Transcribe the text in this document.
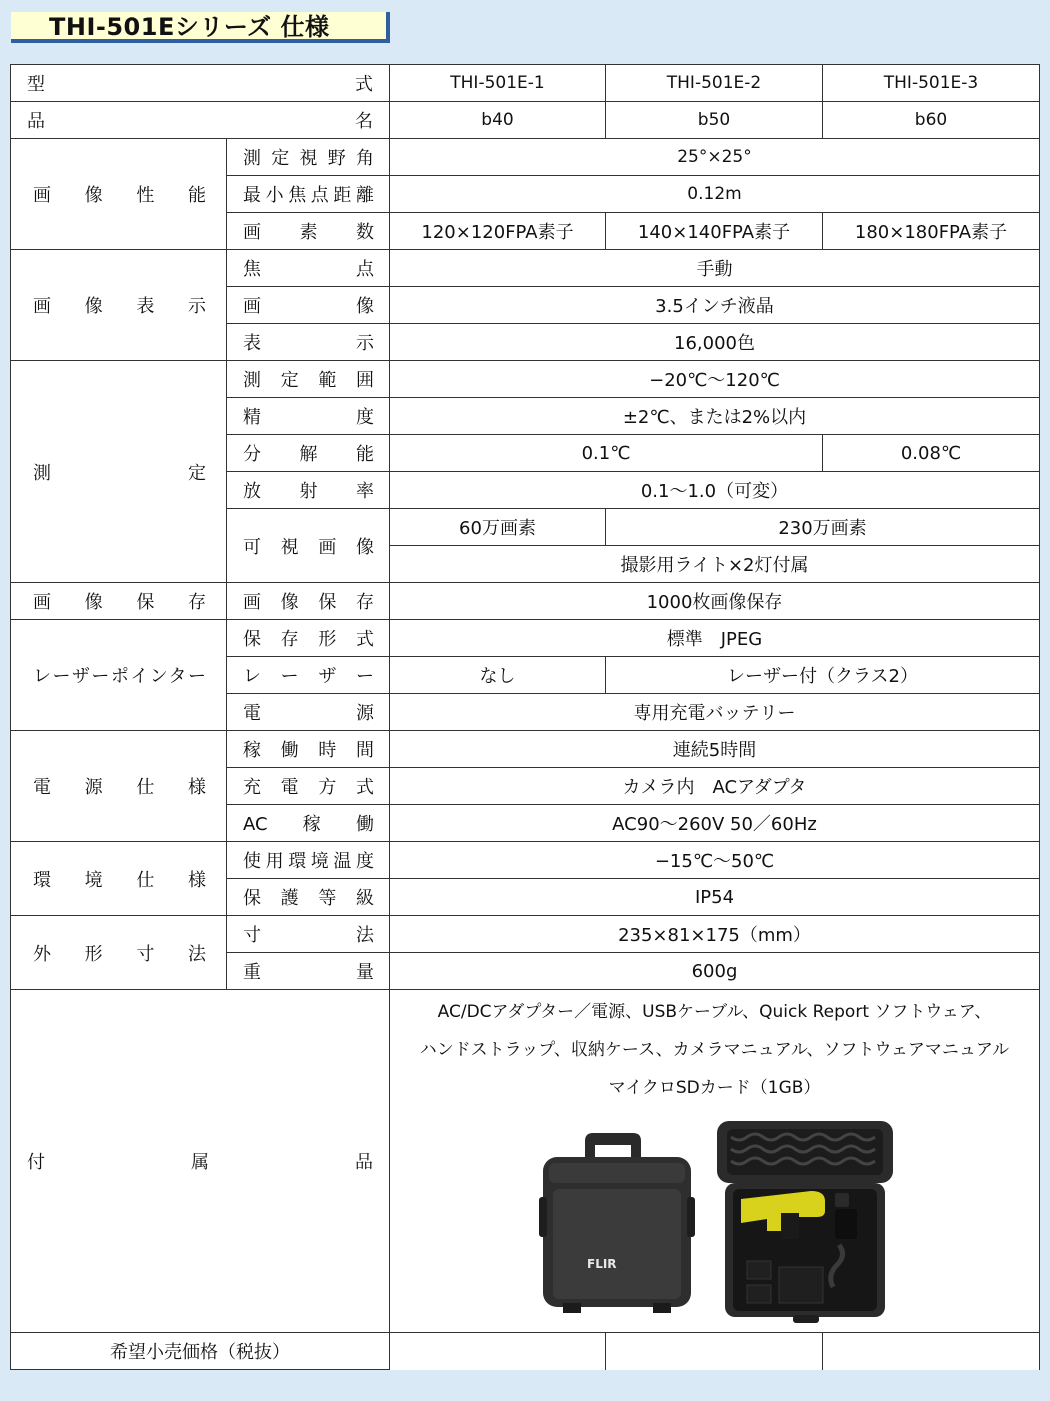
THI-501Eシリーズ 仕様
型式		THI-501E-1	THI-501E-2	THI-501E-3
品名		b40	b50	b60
画像性能	測定視野角	25°×25°		
	最小焦点距離	0.12m		
	画素数	120×120FPA素子	140×140FPA素子	180×180FPA素子
画像表示	焦点	手動		
	画像	3.5インチ液晶		
	表示	16,000色		
測定	測定範囲	−20℃〜120℃		
	精度	±2℃、または2%以内		
	分解能	0.1℃		0.08℃
	放射率	0.1〜1.0（可変）		
	可視画像	60万画素	230万画素	
		撮影用ライト×2灯付属		
画像保存	画像保存	1000枚画像保存		
レーザーポインター	保存形式	標準　JPEG		
	レーザー	なし	レーザー付（クラス2）	
	電源	専用充電バッテリー		
電源仕様	稼働時間	連続5時間		
	充電方式	カメラ内　ACアダプタ		
	AC稼働	AC90〜260V 50／60Hz		
環境仕様	使用環境温度	−15℃〜50℃		
	保護等級	IP54		
外形寸法	寸法	235×81×175（mm）		
	重量	600g		
付属品		AC/DCアダプター／電源、USBケーブル、Quick Report ソフトウェア、
ハンドストラップ、収納ケース、カメラマニュアル、ソフトウェアマニュアル
マイクロSDカード（1GB）
FLIR		

希望小売価格（税抜）				
